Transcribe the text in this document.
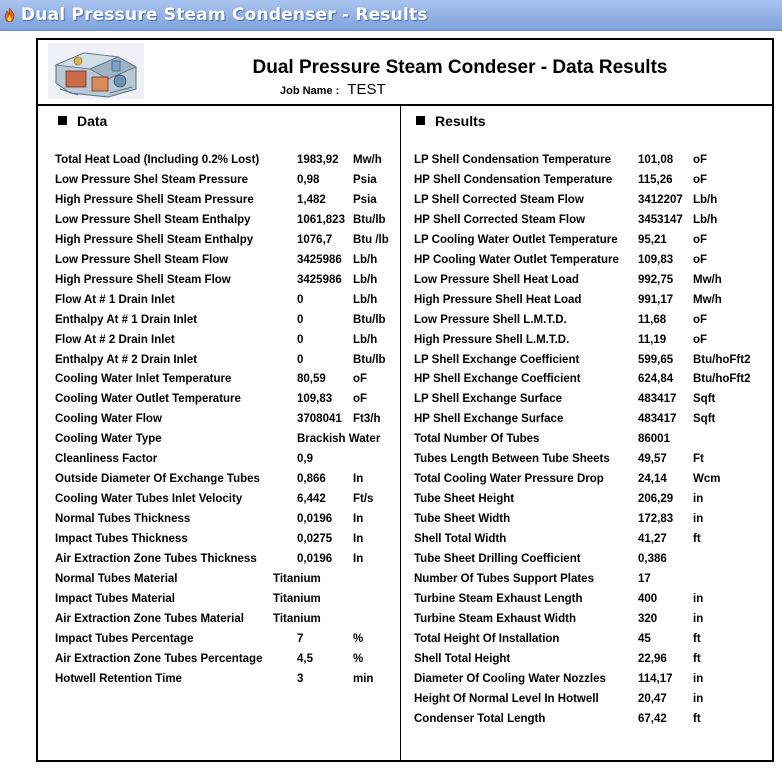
Dual Pressure Steam Condenser - Results
Dual Pressure Steam Condeser - Data Results
Job Name : TEST
Data	Results
Total Heat Load (Including 0.2% Lost)	1983,92 Mw/h
Low Pressure Shel Steam Pressure	0,98	Psia
High Pressure Shell Steam Pressure	1,482 Psia
Low Pressure Shell Steam Enthalpy	1061,823 Btu/lb
High Pressure Shell Steam Enthalpy	1076,7 Btu /lb
Low Pressure Shell Steam Flow	3425986 Lb/h
High Pressure Shell Steam Flow	3425986 Lb/h
Flow At # 1 Drain Inlet	0	Lb/h
Enthalpy At # 1 Drain Inlet	0	Btu/lb
Flow At # 2 Drain Inlet	0	Lb/h
Enthalpy At # 2 Drain Inlet	0	Btu/lb
Cooling Water Inlet Temperature	80,59 oF
Cooling Water Outlet Temperature	109,83 oF
Cooling Water Flow	3708041 Ft3/h
Cooling Water Type	Brackish Water
Cleanliness Factor	0,9
Outside Diameter Of Exchange Tubes	0,866 In
Cooling Water Tubes Inlet Velocity	6,442 Ft/s
Normal Tubes Thickness	0,0196 In
Impact Tubes Thickness	0,0275 In
Air Extraction Zone Tubes Thickness	0,0196 In
Normal Tubes Material	Titanium
Impact Tubes Material	Titanium
Air Extraction Zone Tubes Material	Titanium
Impact Tubes Percentage	7	%
Air Extraction Zone Tubes Percentage	4,5	%
Hotwell Retention Time	3	min
LP Shell Condensation Temperature 101,08 oF
HP Shell Condensation Temperature 115,26 oF
LP Shell Corrected Steam Flow	3412207 Lb/h
HP Shell Corrected Steam Flow	3453147 Lb/h
LP Cooling Water Outlet Temperature 95,21 oF
HP Cooling Water Outlet Temperature 109,83 oF
Low Pressure Shell Heat Load	992,75 Mw/h
High Pressure Shell Heat Load	991,17 Mw/h
Low Pressure Shell L.M.T.D.	11,68 oF
High Pressure Shell L.M.T.D.	11,19 oF
LP Shell Exchange Coefficient	599,65 Btu/hoFft2
HP Shell Exchange Coefficient	624,84 Btu/hoFft2
LP Shell Exchange Surface	483417 Sqft
HP Shell Exchange Surface	483417 Sqft
Total Number Of Tubes	86001
Tubes Length Between Tube Sheets 49,57 Ft
Total Cooling Water Pressure Drop	24,14 Wcm
Tube Sheet Height	206,29 in
Tube Sheet Width	172,83 in
Shell Total Width	41,27 ft
Tube Sheet Drilling Coefficient	0,386
Number Of Tubes Support Plates	17
Turbine Steam Exhaust Length	400	in
Turbine Steam Exhaust Width	320	in
Total Height Of Installation	45	ft
Shell Total Height	22,96 ft
Diameter Of Cooling Water Nozzles	114,17 in
Height Of Normal Level In Hotwell	20,47 in
Condenser Total Length	67,42 ft
